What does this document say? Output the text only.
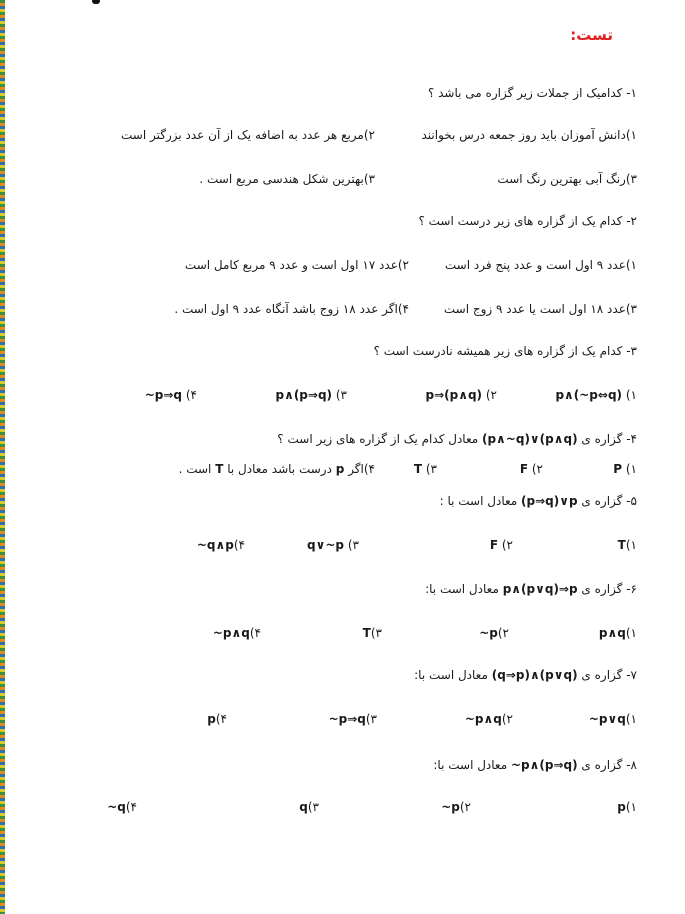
تست:
۱- کدامیک از جملات زیر گزاره می باشد ؟
۱)دانش آموزان باید روز جمعه درس بخوانند
۲)مربع هر عدد به اضافه یک از آن عدد بزرگتر است
۳)رنگ آبی بهترین رنگ است
۳)بهترین شکل هندسی مربع است .
۲- کدام یک از گزاره های زیر درست است ؟
۱)عدد ۹ اول است و عدد پنج فرد است
۲)عدد ۱۷ اول است و عدد ۹ مربع کامل است
۳)عدد ۱۸ اول است یا عدد ۹ زوج است
۴)اگر عدد ۱۸ زوج باشد آنگاه عدد ۹ اول است .
۳- کدام یک از گزاره های زیر همیشه نادرست است ؟
۱) p∧(~p⇔q)
۲) p⇒(p∧q)
۳) p∧(p⇒q)
۴) ~p⇒q
۴- گزاره ی (p∧~q)∨(p∧q) معادل کدام یک از گزاره های زیر است ؟
۱) P
۲) F
۳) T
۴)اگر p درست باشد معادل با T است .
۵- گزاره ی (p⇒q)∨p معادل است با :
۱)T
۲) F
۳) q∨~p
۴)~q∧p
۶- گزاره ی p∧(p∨q)⇒p معادل است با:
۱)p∧q
۲)~p
۳)T
۴)~p∧q
۷- گزاره ی (q⇒p)∧(p∨q) معادل است با:
۱)~p∨q
۲)~p∧q
۳)~p⇒q
۴)p
۸- گزاره ی ~p∧(p⇒q) معادل است با:
۱)p
۲)~p
۳)q
۴)~q
